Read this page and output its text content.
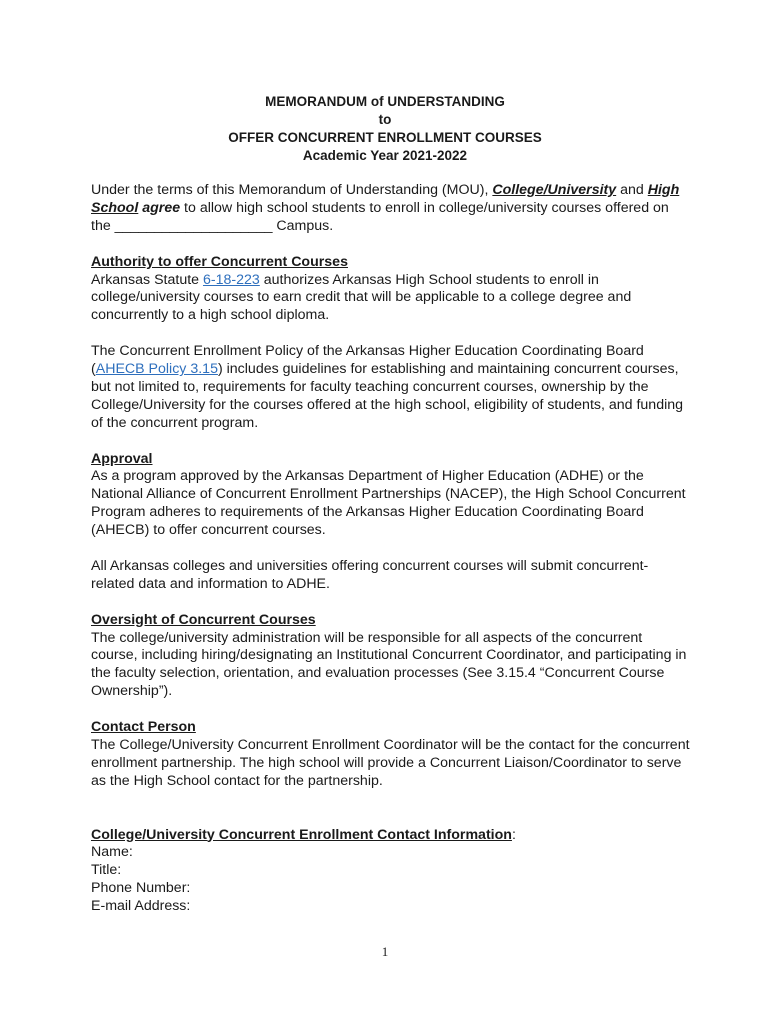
MEMORANDUM of UNDERSTANDING
to
OFFER CONCURRENT ENROLLMENT COURSES
Academic Year 2021-2022

Under the terms of this Memorandum of Understanding (MOU), College/University and High School agree to allow high school students to enroll in college/university courses offered on the ____________________ Campus.

Authority to offer Concurrent Courses
Arkansas Statute 6-18-223 authorizes Arkansas High School students to enroll in college/university courses to earn credit that will be applicable to a college degree and concurrently to a high school diploma.

The Concurrent Enrollment Policy of the Arkansas Higher Education Coordinating Board (AHECB Policy 3.15) includes guidelines for establishing and maintaining concurrent courses, but not limited to, requirements for faculty teaching concurrent courses, ownership by the College/University for the courses offered at the high school, eligibility of students, and funding of the concurrent program.

Approval
As a program approved by the Arkansas Department of Higher Education (ADHE) or the National Alliance of Concurrent Enrollment Partnerships (NACEP), the High School Concurrent Program adheres to requirements of the Arkansas Higher Education Coordinating Board (AHECB) to offer concurrent courses.

All Arkansas colleges and universities offering concurrent courses will submit concurrent-related data and information to ADHE.

Oversight of Concurrent Courses
The college/university administration will be responsible for all aspects of the concurrent course, including hiring/designating an Institutional Concurrent Coordinator, and participating in the faculty selection, orientation, and evaluation processes (See 3.15.4 “Concurrent Course Ownership”).
Contact Person
The College/University Concurrent Enrollment Coordinator will be the contact for the concurrent enrollment partnership. The high school will provide a Concurrent Liaison/Coordinator to serve as the High School contact for the partnership.
College/University Concurrent Enrollment Contact Information:
Name:
Title:
Phone Number:
E-mail Address:
1
